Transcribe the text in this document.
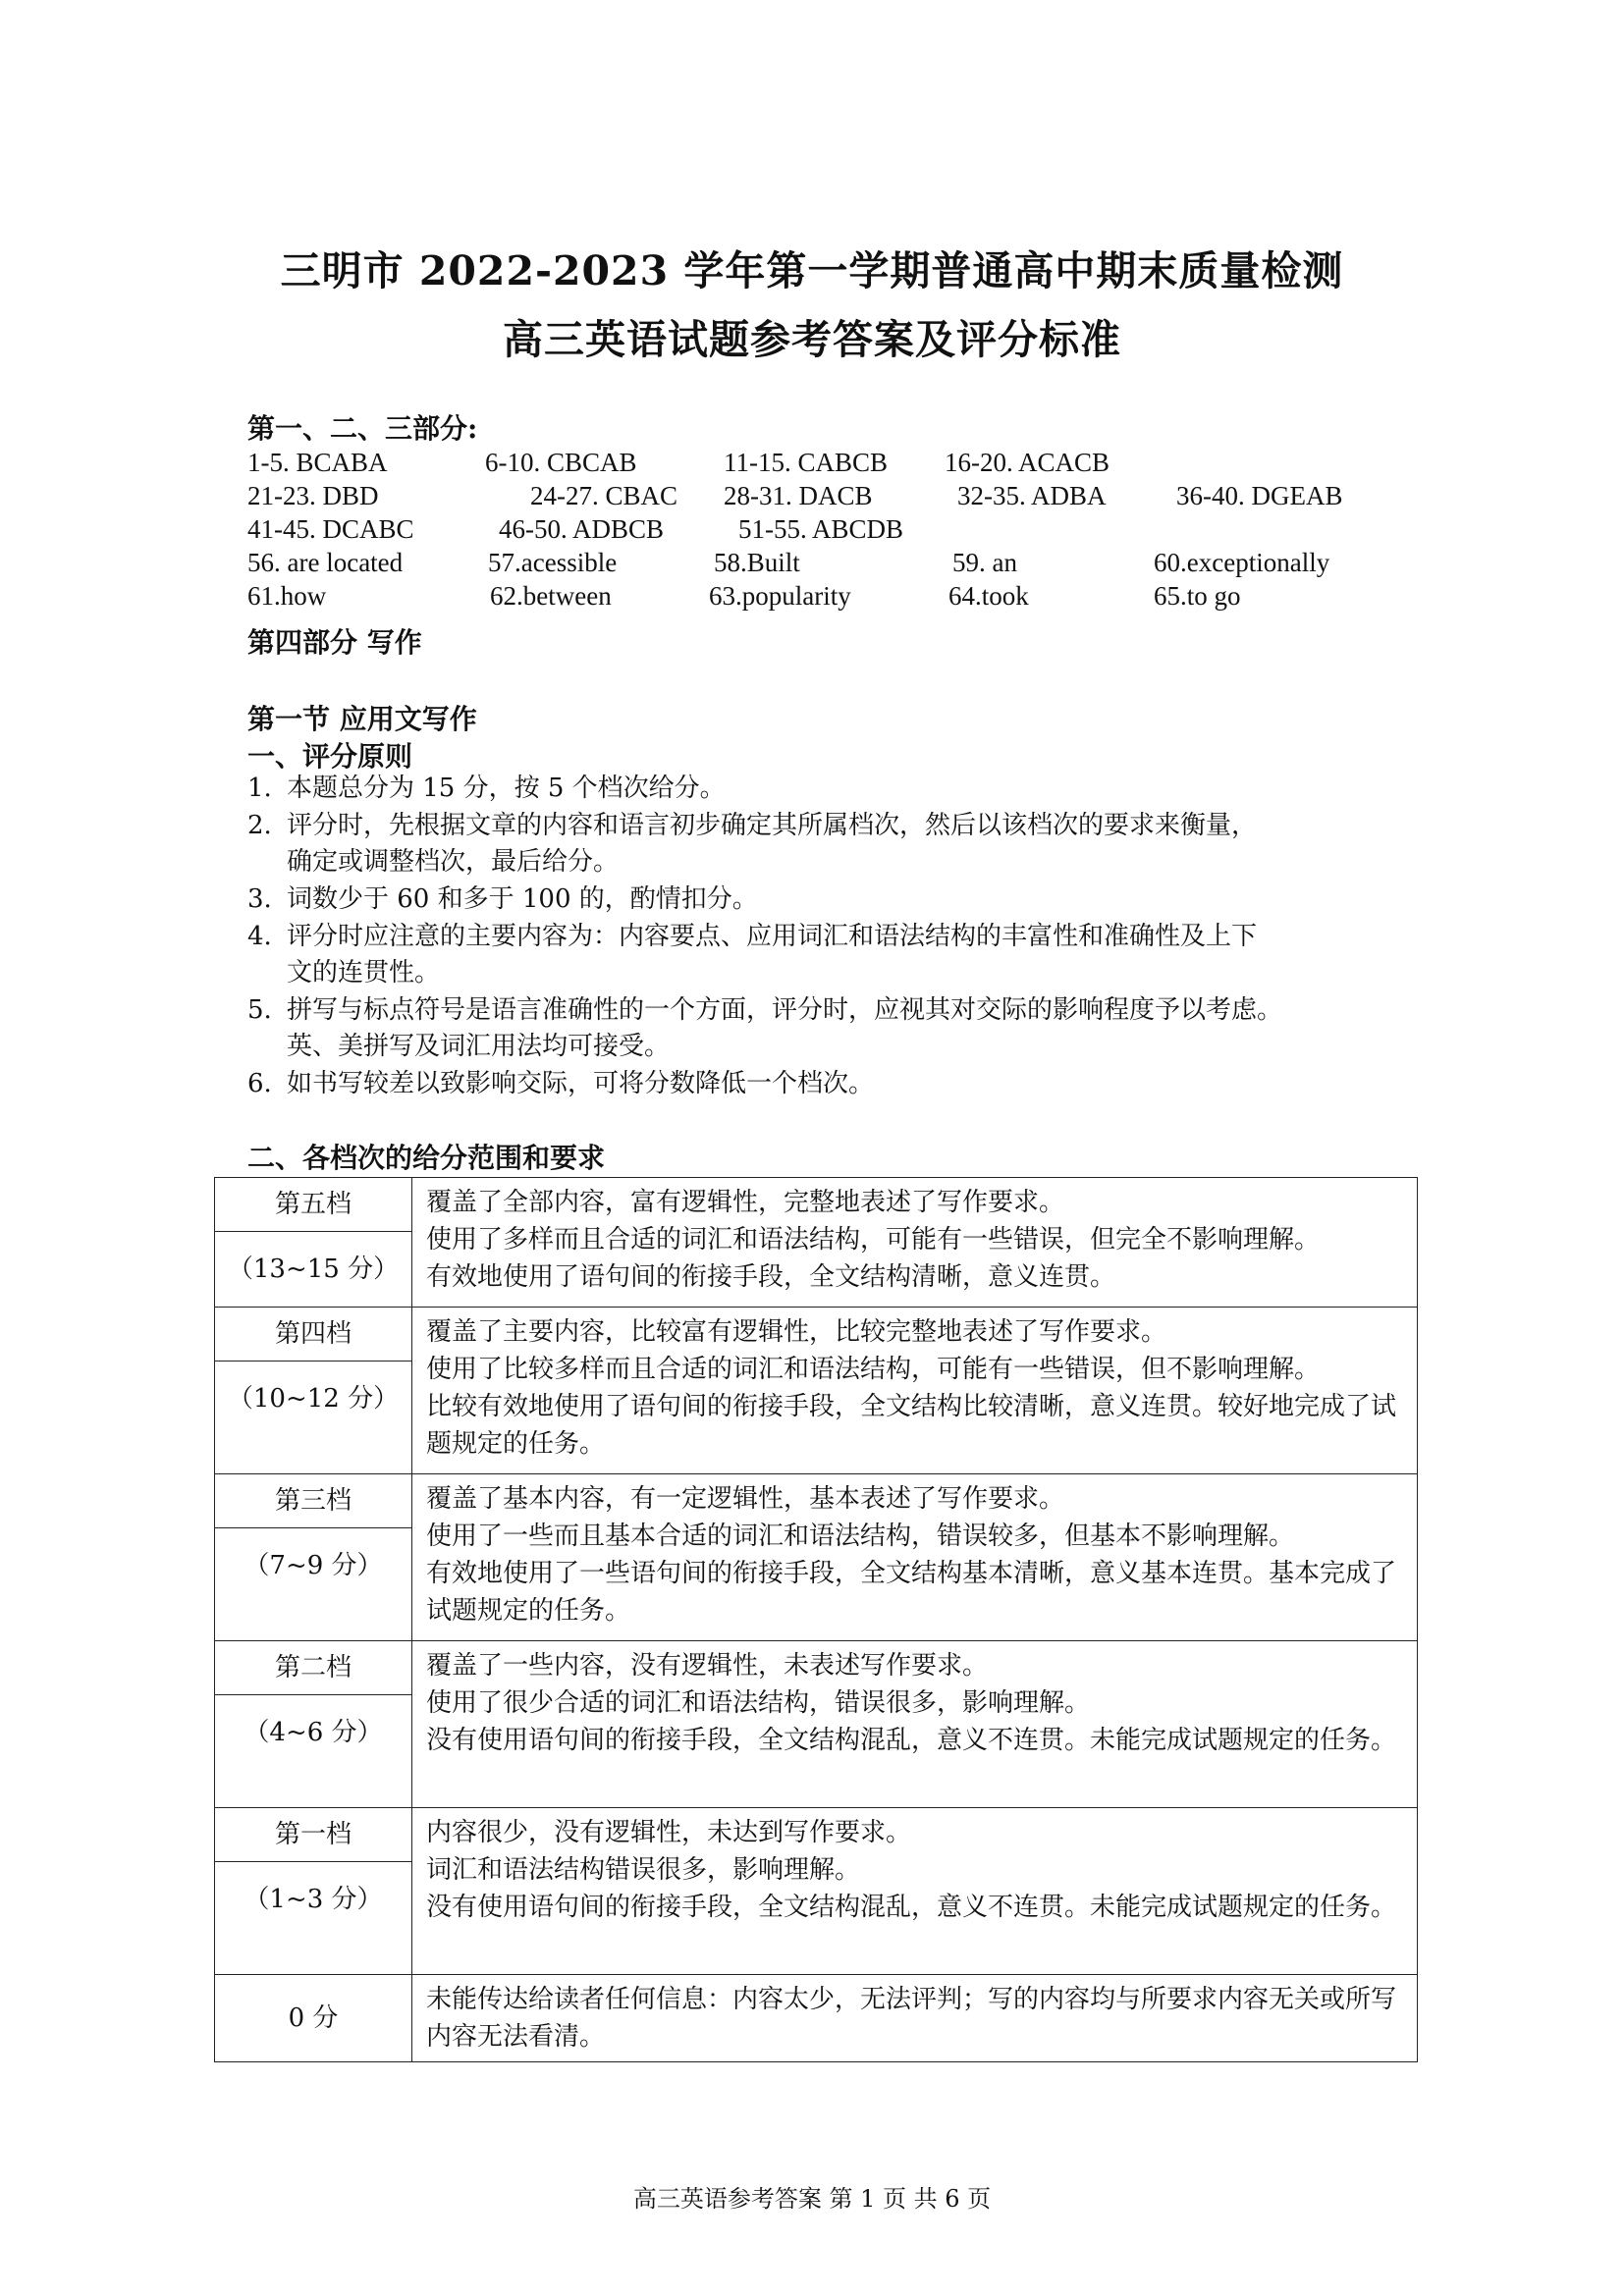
三明市 2022-2023 学年第一学期普通高中期末质量检测
高三英语试题参考答案及评分标准
第一、二、三部分:
1-5. BCABA	6-10. CBCAB	11-15. CABCB 16-20. ACACB
21-23. DBD	24-27. CBAC 28-31. DACB	32-35. ADBA	36-40. DGEAB
41-45. DCABC	46-50. ADBCB	51-55. ABCDB
56. are located	57.acessible	58.Built	59. an	60.exceptionally
61.how	62.between	63.popularity	64.took	65.to go
第四部分 写作
第一节 应用文写作
一、评分原则
1. 本题总分为 15 分，按 5 个档次给分。
2. 评分时，先根据文章的内容和语言初步确定其所属档次，然后以该档次的要求来衡量，
确定或调整档次，最后给分。
3. 词数少于 60 和多于 100 的，酌情扣分。
4. 评分时应注意的主要内容为：内容要点、应用词汇和语法结构的丰富性和准确性及上下
文的连贯性。
5. 拼写与标点符号是语言准确性的一个方面，评分时，应视其对交际的影响程度予以考虑。
英、美拼写及词汇用法均可接受。
6. 如书写较差以致影响交际，可将分数降低一个档次。
二、各档次的给分范围和要求
第五档	覆盖了全部内容，富有逻辑性，完整地表述了写作要求。
使用了多样而且合适的词汇和语法结构，可能有一些错误，但完全不影响理解。
有效地使用了语句间的衔接手段，全文结构清晰，意义连贯。

（13~15 分）	
第四档	覆盖了主要内容，比较富有逻辑性，比较完整地表述了写作要求。
使用了比较多样而且合适的词汇和语法结构，可能有一些错误，但不影响理解。
比较有效地使用了语句间的衔接手段，全文结构比较清晰，意义连贯。较好地完成了试题规定的任务。

（10~12 分）	
第三档	覆盖了基本内容，有一定逻辑性，基本表述了写作要求。
使用了一些而且基本合适的词汇和语法结构，错误较多，但基本不影响理解。
有效地使用了一些语句间的衔接手段，全文结构基本清晰，意义基本连贯。基本完成了试题规定的任务。

（7~9 分）	
第二档	覆盖了一些内容，没有逻辑性，未表述写作要求。
使用了很少合适的词汇和语法结构，错误很多，影响理解。
没有使用语句间的衔接手段，全文结构混乱，意义不连贯。未能完成试题规定的任务。

（4~6 分）	
第一档	内容很少，没有逻辑性，未达到写作要求。
词汇和语法结构错误很多，影响理解。
没有使用语句间的衔接手段，全文结构混乱，意义不连贯。未能完成试题规定的任务。

（1~3 分）	
0 分	未能传达给读者任何信息：内容太少，无法评判；写的内容均与所要求内容无关或所写内容无法看清。
高三英语参考答案 第 1 页 共 6 页
